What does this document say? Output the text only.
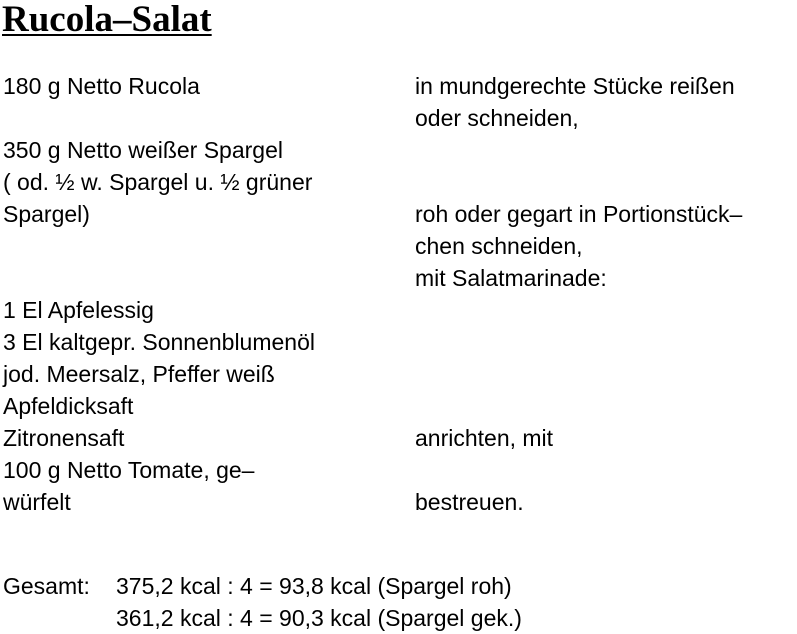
Rucola–Salat
180 g Netto Rucola
350 g Netto weißer Spargel
( od. ½ w. Spargel u. ½ grüner
Spargel)
1 El Apfelessig
3 El kaltgepr. Sonnenblumenöl
jod. Meersalz, Pfeffer weiß
Apfeldicksaft
Zitronensaft
100 g Netto Tomate, ge–
würfelt
in mundgerechte Stücke reißen
oder schneiden,
roh oder gegart in Portionstück–
chen schneiden,
mit Salatmarinade:
anrichten, mit
bestreuen.
Gesamt:	375,2 kcal : 4 = 93,8 kcal (Spargel roh)
361,2 kcal : 4 = 90,3 kcal (Spargel gek.)
